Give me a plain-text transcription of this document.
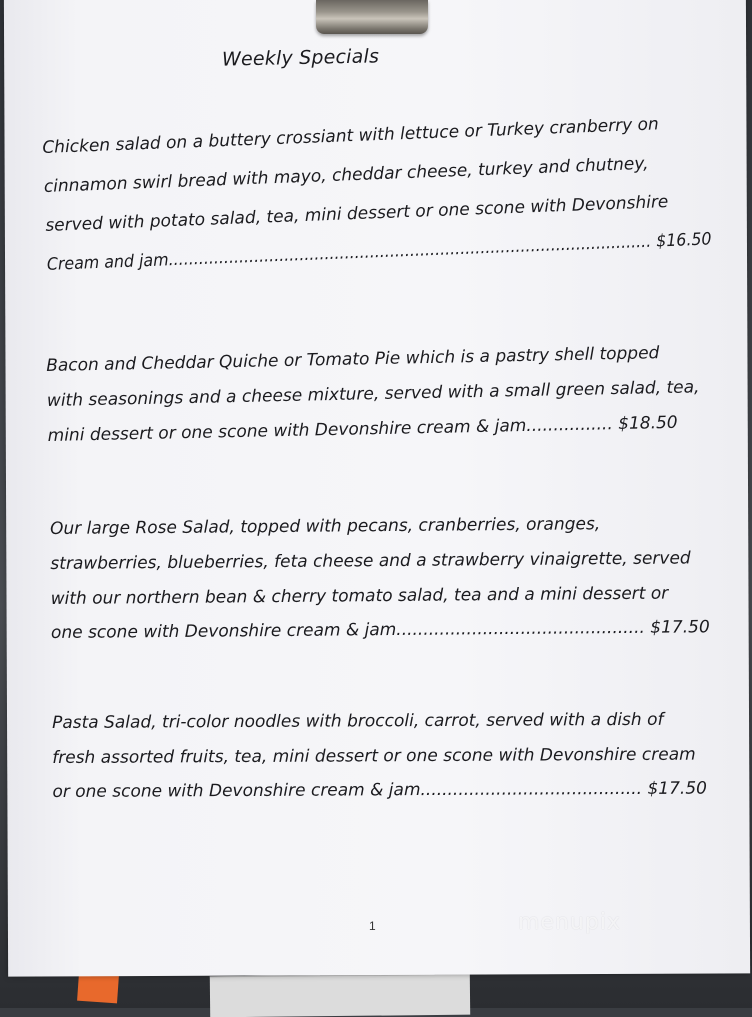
Weekly Specials
Chicken salad on a buttery crossiant with lettuce or Turkey cranberry on
cinnamon swirl bread with mayo, cheddar cheese, turkey and chutney,
served with potato salad, tea, mini dessert or one scone with Devonshire
Cream and jam................................................................................................ $16.50
Bacon and Cheddar Quiche or Tomato Pie which is a pastry shell topped
with seasonings and a cheese mixture, served with a small green salad, tea,
mini dessert or one scone with Devonshire cream & jam................ $18.50
Our large Rose Salad, topped with pecans, cranberries, oranges,
strawberries, blueberries, feta cheese and a strawberry vinaigrette, served
with our northern bean & cherry tomato salad, tea and a mini dessert or
one scone with Devonshire cream & jam.............................................. $17.50
Pasta Salad, tri-color noodles with broccoli, carrot, served with a dish of
fresh assorted fruits, tea, mini dessert or one scone with Devonshire cream
or one scone with Devonshire cream & jam......................................... $17.50
1	menupix
